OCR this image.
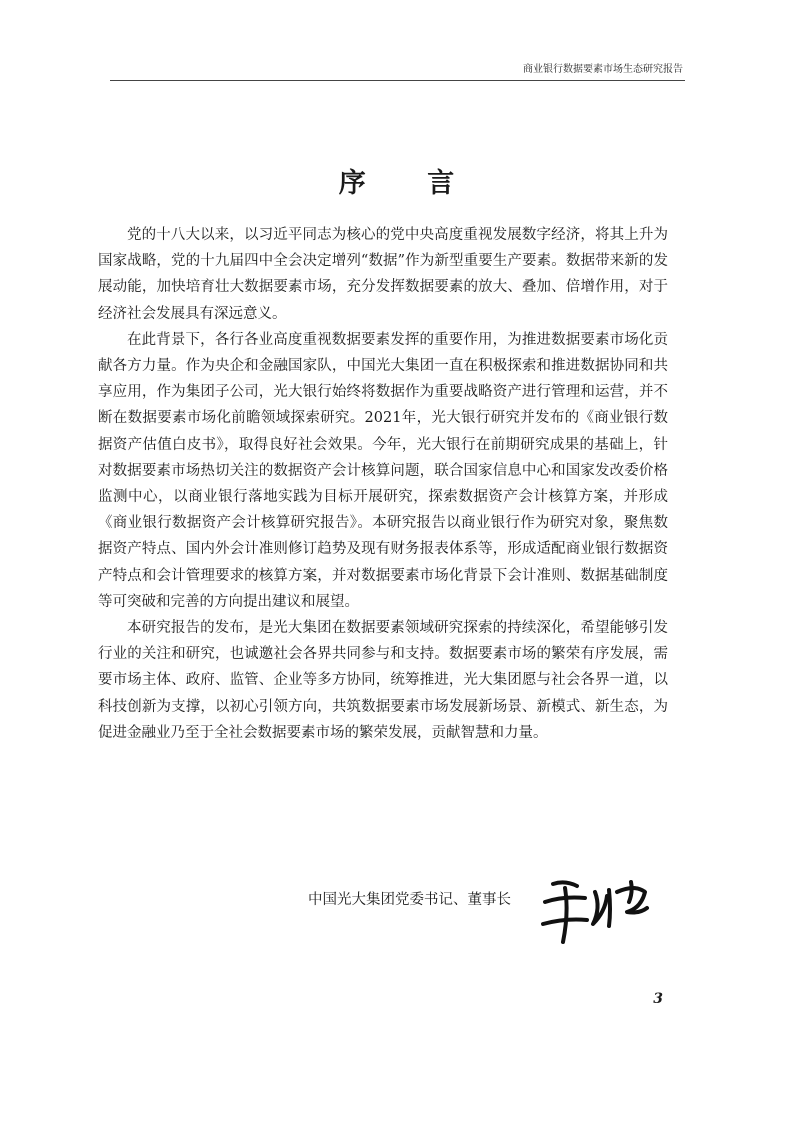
商业银行数据要素市场生态研究报告
序 言

党的十八大以来，以习近平同志为核心的党中央高度重视发展数字经济，将其上升为国家战略，党的十九届四中全会决定增列“数据”作为新型重要生产要素。数据带来新的发展动能，加快培育壮大数据要素市场，充分发挥数据要素的放大、叠加、倍增作用，对于经济社会发展具有深远意义。

在此背景下，各行各业高度重视数据要素发挥的重要作用，为推进数据要素市场化贡献各方力量。作为央企和金融国家队，中国光大集团一直在积极探索和推进数据协同和共享应用，作为集团子公司，光大银行始终将数据作为重要战略资产进行管理和运营，并不断在数据要素市场化前瞻领域探索研究。2021年，光大银行研究并发布的《商业银行数据资产估值白皮书》，取得良好社会效果。今年，光大银行在前期研究成果的基础上，针对数据要素市场热切关注的数据资产会计核算问题，联合国家信息中心和国家发改委价格监测中心，以商业银行落地实践为目标开展研究，探索数据资产会计核算方案，并形成《商业银行数据资产会计核算研究报告》。本研究报告以商业银行作为研究对象，聚焦数据资产特点、国内外会计准则修订趋势及现有财务报表体系等，形成适配商业银行数据资产特点和会计管理要求的核算方案，并对数据要素市场化背景下会计准则、数据基础制度等可突破和完善的方向提出建议和展望。

本研究报告的发布，是光大集团在数据要素领域研究探索的持续深化，希望能够引发行业的关注和研究，也诚邀社会各界共同参与和支持。数据要素市场的繁荣有序发展，需要市场主体、政府、监管、企业等多方协同，统筹推进，光大集团愿与社会各界一道，以科技创新为支撑，以初心引领方向，共筑数据要素市场发展新场景、新模式、新生态，为促进金融业乃至于全社会数据要素市场的繁荣发展，贡献智慧和力量。

中国光大集团党委书记、董事长
3
